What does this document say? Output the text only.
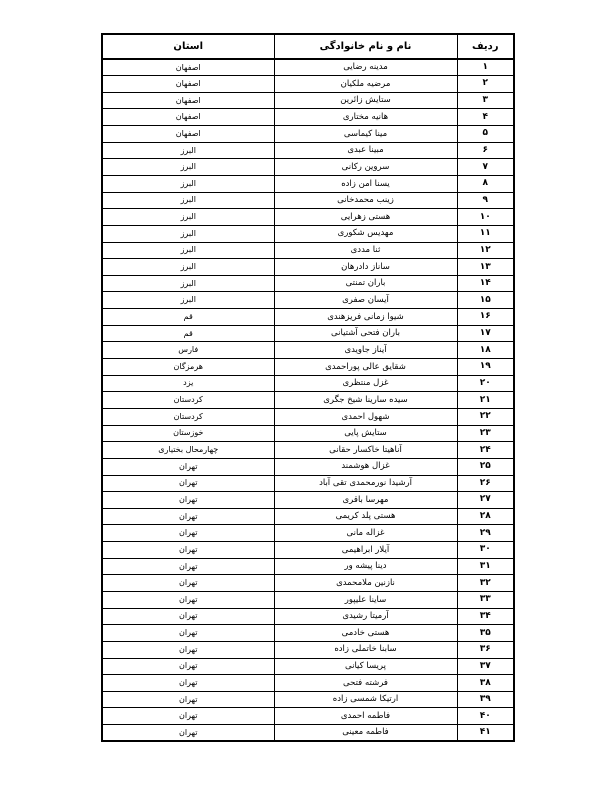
ردیف	نام و نام خانوادگی	استان
۱	مدینه رضایی	اصفهان
۲	مرضیه ملکیان	اصفهان
۳	ستایش زائرین	اصفهان
۴	هانیه مختاری	اصفهان
۵	مینا کیماسی	اصفهان
۶	مبینا عبدی	البرز
۷	سروین رکانی	البرز
۸	یسنا امن زاده	البرز
۹	زینب محمدخانی	البرز
۱۰	هستی زهرایی	البرز
۱۱	مهدیس شکوری	البرز
۱۲	ثنا مددی	البرز
۱۳	ساناز دادرهان	البرز
۱۴	باران تمنتی	البرز
۱۵	آیسان صفری	البرز
۱۶	شیوا زمانی فریزهندی	قم
۱۷	باران فتحی آشتیانی	قم
۱۸	آیناز جاویدی	فارس
۱۹	شقایق عالی پوراحمدی	هرمزگان
۲۰	غزل منتظری	یزد
۲۱	سیده سارینا شیخ جگری	کردستان
۲۲	شهول احمدی	کردستان
۲۳	ستایش پایی	خوزستان
۲۴	آناهیتا خاکسار حقانی	چهارمحال بختیاری
۲۵	غزال هوشمند	تهران
۲۶	آرشیدا نورمحمدی تقی آباد	تهران
۲۷	مهرسا باقری	تهران
۲۸	هستی پلد کریمی	تهران
۲۹	غزاله مانی	تهران
۳۰	آیلار ابراهیمی	تهران
۳۱	دینا پیشه ور	تهران
۳۲	نازنین ملامحمدی	تهران
۳۳	ساینا علیپور	تهران
۳۴	آرمیتا رشیدی	تهران
۳۵	هستی خادمی	تهران
۳۶	سابنا خاتملی زاده	تهران
۳۷	پریسا کیانی	تهران
۳۸	فرشته فتحی	تهران
۳۹	ارتیکا شمسی زاده	تهران
۴۰	فاطمه احمدی	تهران
۴۱	فاطمه معینی	تهران
